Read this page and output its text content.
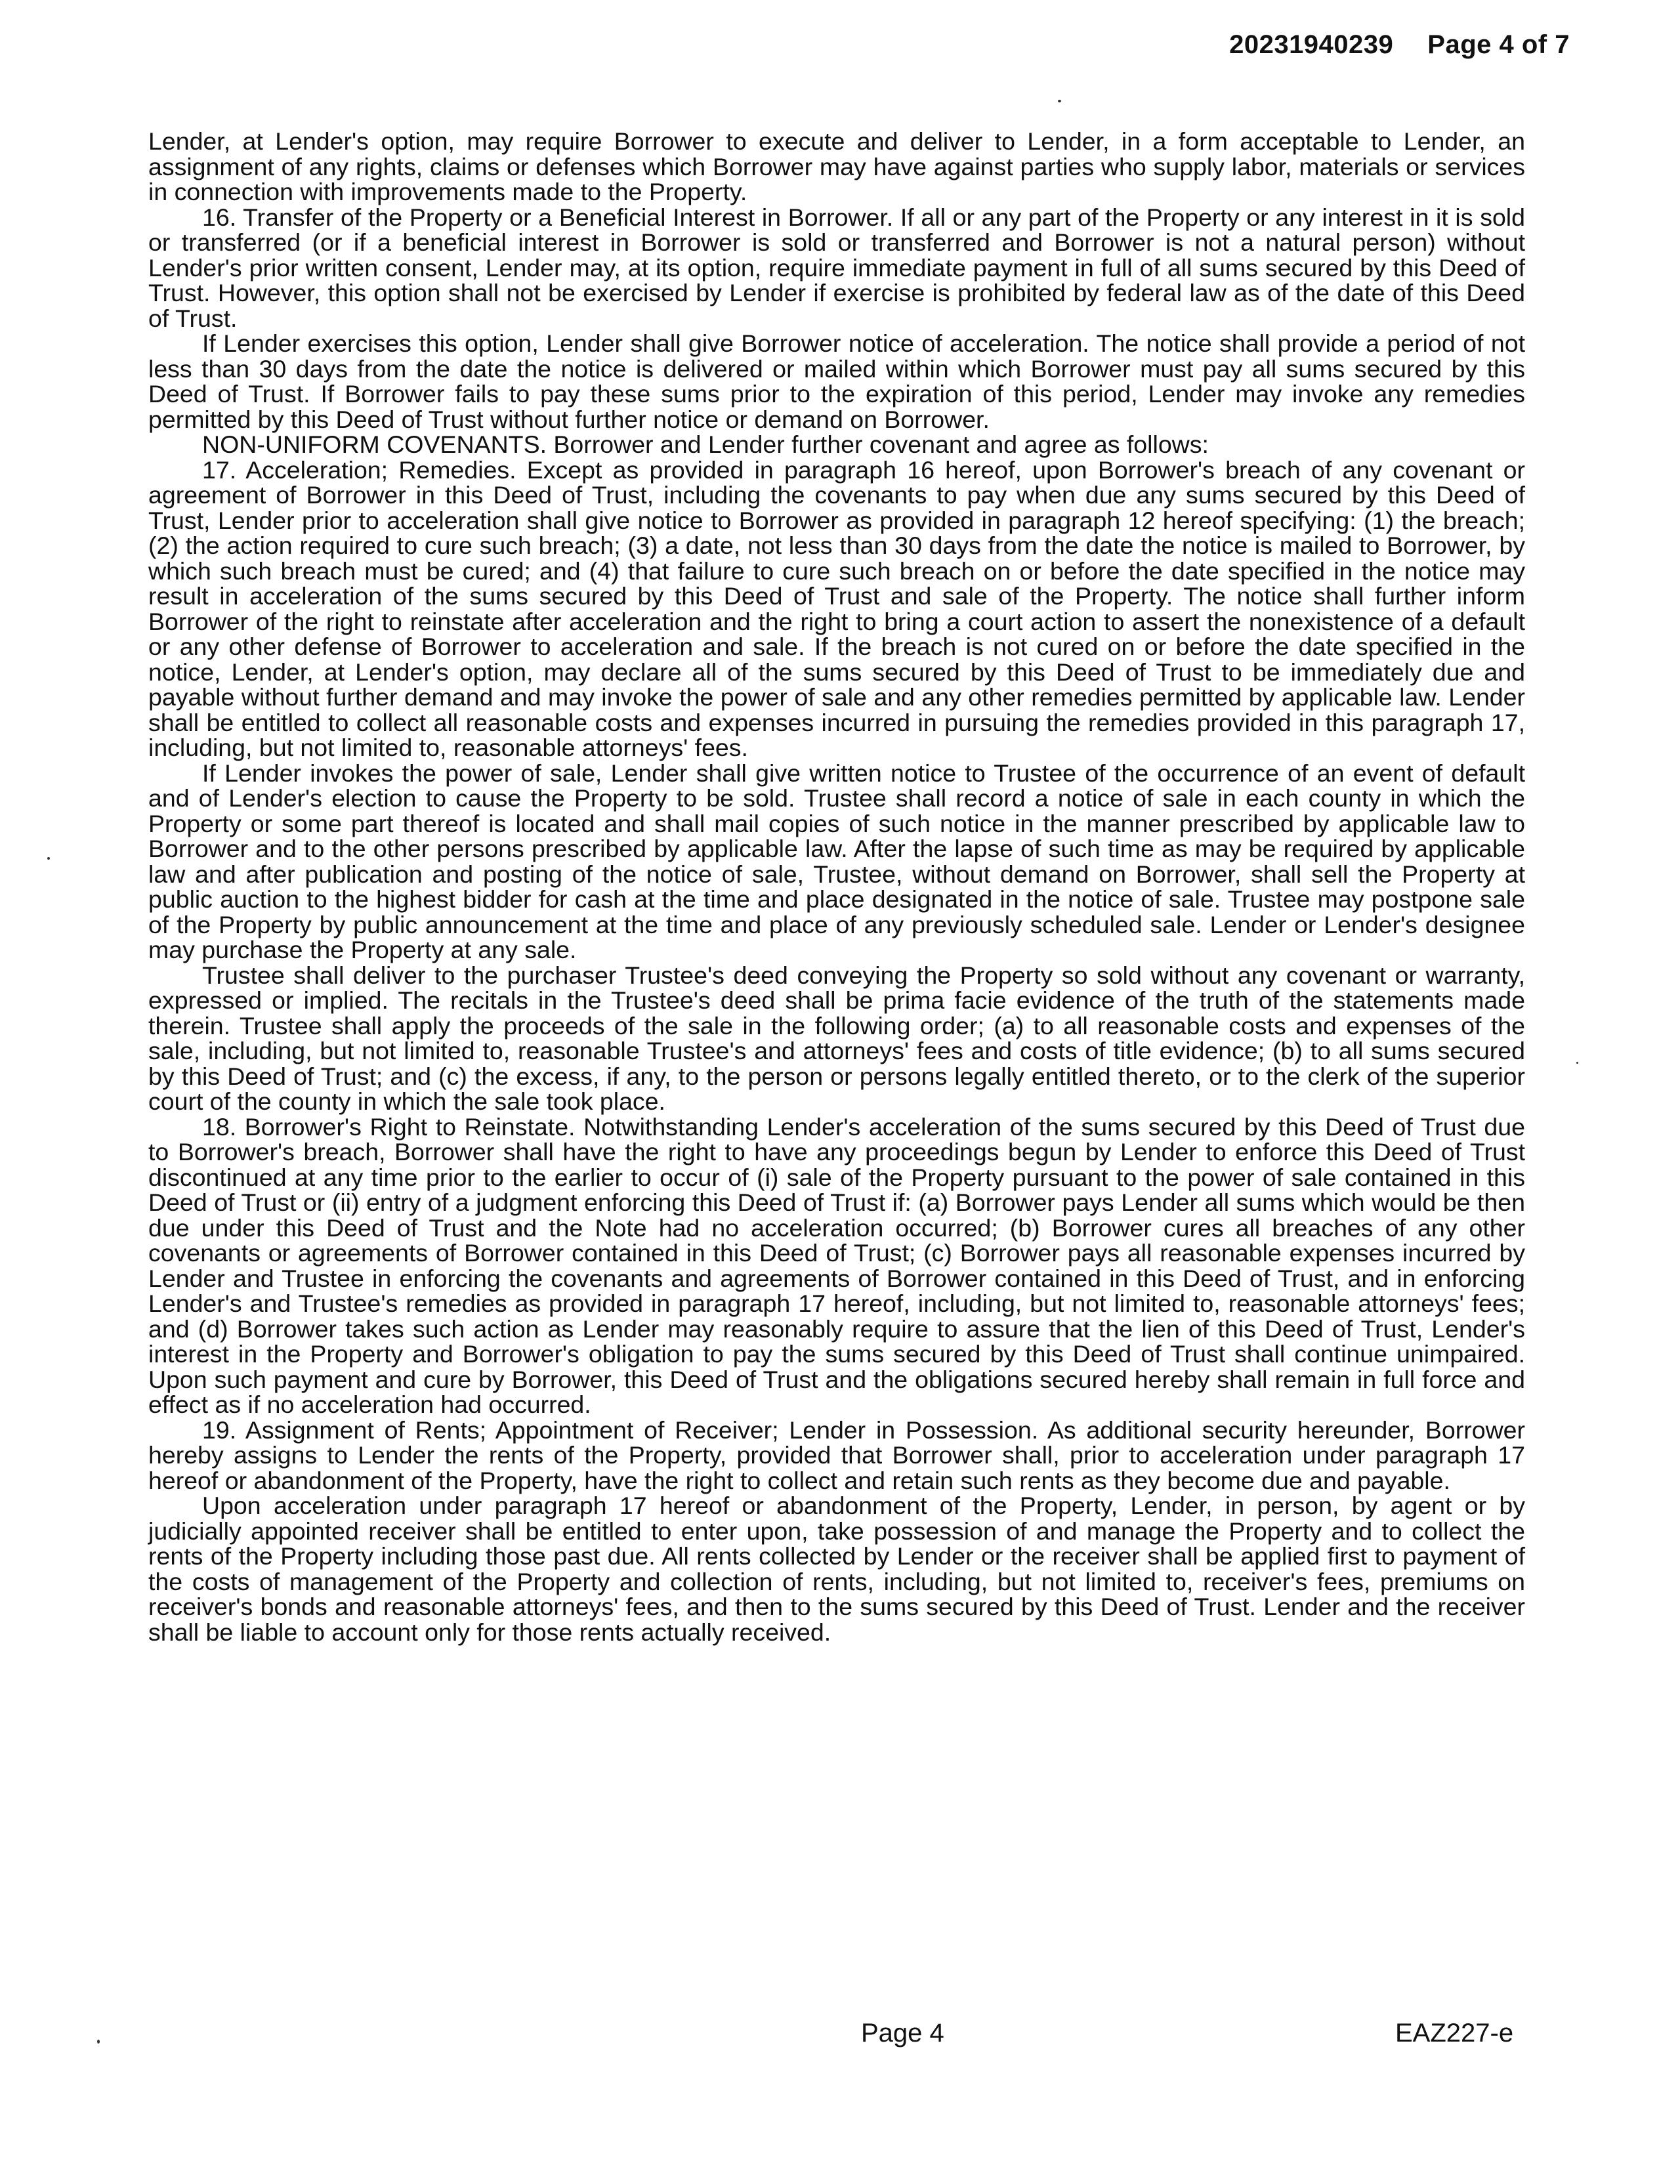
20231940239 Page 4 of 7

Lender, at Lender's option, may require Borrower to execute and deliver to Lender, in a form acceptable to Lender, an assignment of any rights, claims or defenses which Borrower may have against parties who supply labor, materials or services in connection with improvements made to the Property.

16. Transfer of the Property or a Beneficial Interest in Borrower. If all or any part of the Property or any interest in it is sold or transferred (or if a beneficial interest in Borrower is sold or transferred and Borrower is not a natural person) without Lender's prior written consent, Lender may, at its option, require immediate payment in full of all sums secured by this Deed of Trust. However, this option shall not be exercised by Lender if exercise is prohibited by federal law as of the date of this Deed of Trust.

If Lender exercises this option, Lender shall give Borrower notice of acceleration. The notice shall provide a period of not less than 30 days from the date the notice is delivered or mailed within which Borrower must pay all sums secured by this Deed of Trust. If Borrower fails to pay these sums prior to the expiration of this period, Lender may invoke any remedies permitted by this Deed of Trust without further notice or demand on Borrower.

NON-UNIFORM COVENANTS. Borrower and Lender further covenant and agree as follows:

17. Acceleration; Remedies. Except as provided in paragraph 16 hereof, upon Borrower's breach of any covenant or agreement of Borrower in this Deed of Trust, including the covenants to pay when due any sums secured by this Deed of Trust, Lender prior to acceleration shall give notice to Borrower as provided in paragraph 12 hereof specifying: (1) the breach; (2) the action required to cure such breach; (3) a date, not less than 30 days from the date the notice is mailed to Borrower, by which such breach must be cured; and (4) that failure to cure such breach on or before the date specified in the notice may result in acceleration of the sums secured by this Deed of Trust and sale of the Property. The notice shall further inform Borrower of the right to reinstate after acceleration and the right to bring a court action to assert the nonexistence of a default or any other defense of Borrower to acceleration and sale. If the breach is not cured on or before the date specified in the notice, Lender, at Lender's option, may declare all of the sums secured by this Deed of Trust to be immediately due and payable without further demand and may invoke the power of sale and any other remedies permitted by applicable law. Lender shall be entitled to collect all reasonable costs and expenses incurred in pursuing the remedies provided in this paragraph 17, including, but not limited to, reasonable attorneys' fees.

If Lender invokes the power of sale, Lender shall give written notice to Trustee of the occurrence of an event of default and of Lender's election to cause the Property to be sold. Trustee shall record a notice of sale in each county in which the Property or some part thereof is located and shall mail copies of such notice in the manner prescribed by applicable law to Borrower and to the other persons prescribed by applicable law. After the lapse of such time as may be required by applicable law and after publication and posting of the notice of sale, Trustee, without demand on Borrower, shall sell the Property at public auction to the highest bidder for cash at the time and place designated in the notice of sale. Trustee may postpone sale of the Property by public announcement at the time and place of any previously scheduled sale. Lender or Lender's designee may purchase the Property at any sale.

Trustee shall deliver to the purchaser Trustee's deed conveying the Property so sold without any covenant or warranty, expressed or implied. The recitals in the Trustee's deed shall be prima facie evidence of the truth of the statements made therein. Trustee shall apply the proceeds of the sale in the following order; (a) to all reasonable costs and expenses of the sale, including, but not limited to, reasonable Trustee's and attorneys' fees and costs of title evidence; (b) to all sums secured by this Deed of Trust; and (c) the excess, if any, to the person or persons legally entitled thereto, or to the clerk of the superior court of the county in which the sale took place.

18. Borrower's Right to Reinstate. Notwithstanding Lender's acceleration of the sums secured by this Deed of Trust due to Borrower's breach, Borrower shall have the right to have any proceedings begun by Lender to enforce this Deed of Trust discontinued at any time prior to the earlier to occur of (i) sale of the Property pursuant to the power of sale contained in this Deed of Trust or (ii) entry of a judgment enforcing this Deed of Trust if: (a) Borrower pays Lender all sums which would be then due under this Deed of Trust and the Note had no acceleration occurred; (b) Borrower cures all breaches of any other covenants or agreements of Borrower contained in this Deed of Trust; (c) Borrower pays all reasonable expenses incurred by Lender and Trustee in enforcing the covenants and agreements of Borrower contained in this Deed of Trust, and in enforcing Lender's and Trustee's remedies as provided in paragraph 17 hereof, including, but not limited to, reasonable attorneys' fees; and (d) Borrower takes such action as Lender may reasonably require to assure that the lien of this Deed of Trust, Lender's interest in the Property and Borrower's obligation to pay the sums secured by this Deed of Trust shall continue unimpaired. Upon such payment and cure by Borrower, this Deed of Trust and the obligations secured hereby shall remain in full force and effect as if no acceleration had occurred.

19. Assignment of Rents; Appointment of Receiver; Lender in Possession. As additional security hereunder, Borrower hereby assigns to Lender the rents of the Property, provided that Borrower shall, prior to acceleration under paragraph 17 hereof or abandonment of the Property, have the right to collect and retain such rents as they become due and payable.

Upon acceleration under paragraph 17 hereof or abandonment of the Property, Lender, in person, by agent or by judicially appointed receiver shall be entitled to enter upon, take possession of and manage the Property and to collect the rents of the Property including those past due. All rents collected by Lender or the receiver shall be applied first to payment of the costs of management of the Property and collection of rents, including, but not limited to, receiver's fees, premiums on receiver's bonds and reasonable attorneys' fees, and then to the sums secured by this Deed of Trust. Lender and the receiver shall be liable to account only for those rents actually received.

Page 4	EAZ227-e
